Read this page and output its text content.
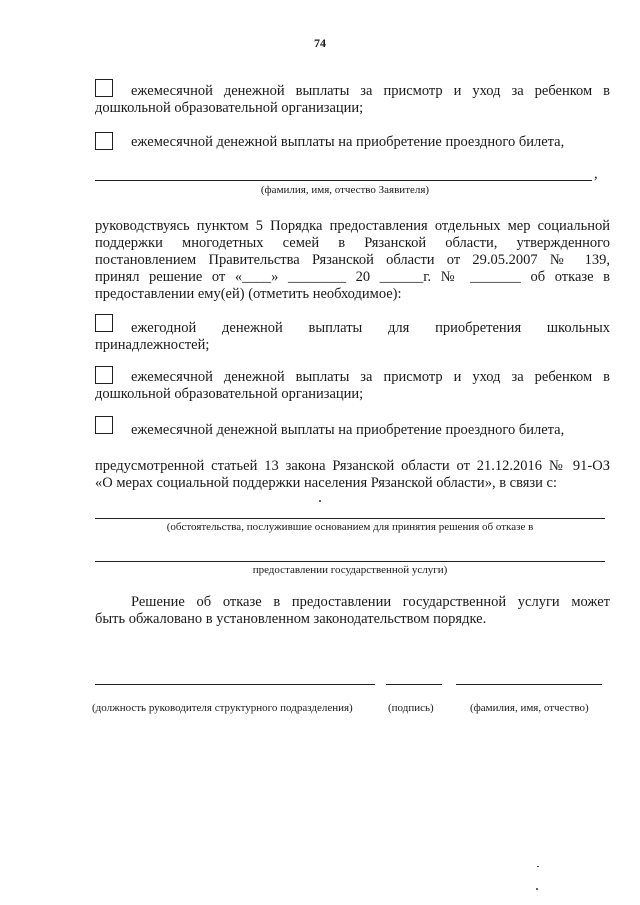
74
ежемесячной денежной выплаты за присмотр и уход за ребенком в
дошкольной образовательной организации;
ежемесячной денежной выплаты на приобретение проездного билета,
,
(фамилия, имя, отчество Заявителя)
руководствуясь пунктом 5 Порядка предоставления отдельных мер социальной
поддержки многодетных семей в Рязанской области, утвержденного
постановлением Правительства Рязанской области от 29.05.2007 № 139,
принял решение от «____» ________ 20 ______г. № _______ об отказе в
предоставлении ему(ей) (отметить необходимое):
ежегодной денежной выплаты для приобретения школьных
принадлежностей;
ежемесячной денежной выплаты за присмотр и уход за ребенком в
дошкольной образовательной организации;
ежемесячной денежной выплаты на приобретение проездного билета,
предусмотренной статьей 13 закона Рязанской области от 21.12.2016 № 91-ОЗ
«О мерах социальной поддержки населения Рязанской области», в связи с:
(обстоятельства, послужившие основанием для принятия решения об отказе в
предоставлении государственной услуги)
Решение об отказе в предоставлении государственной услуги может
быть обжаловано в установленном законодательством порядке.
(должность руководителя структурного подразделения)	(подпись)	(фамилия, имя, отчество)
